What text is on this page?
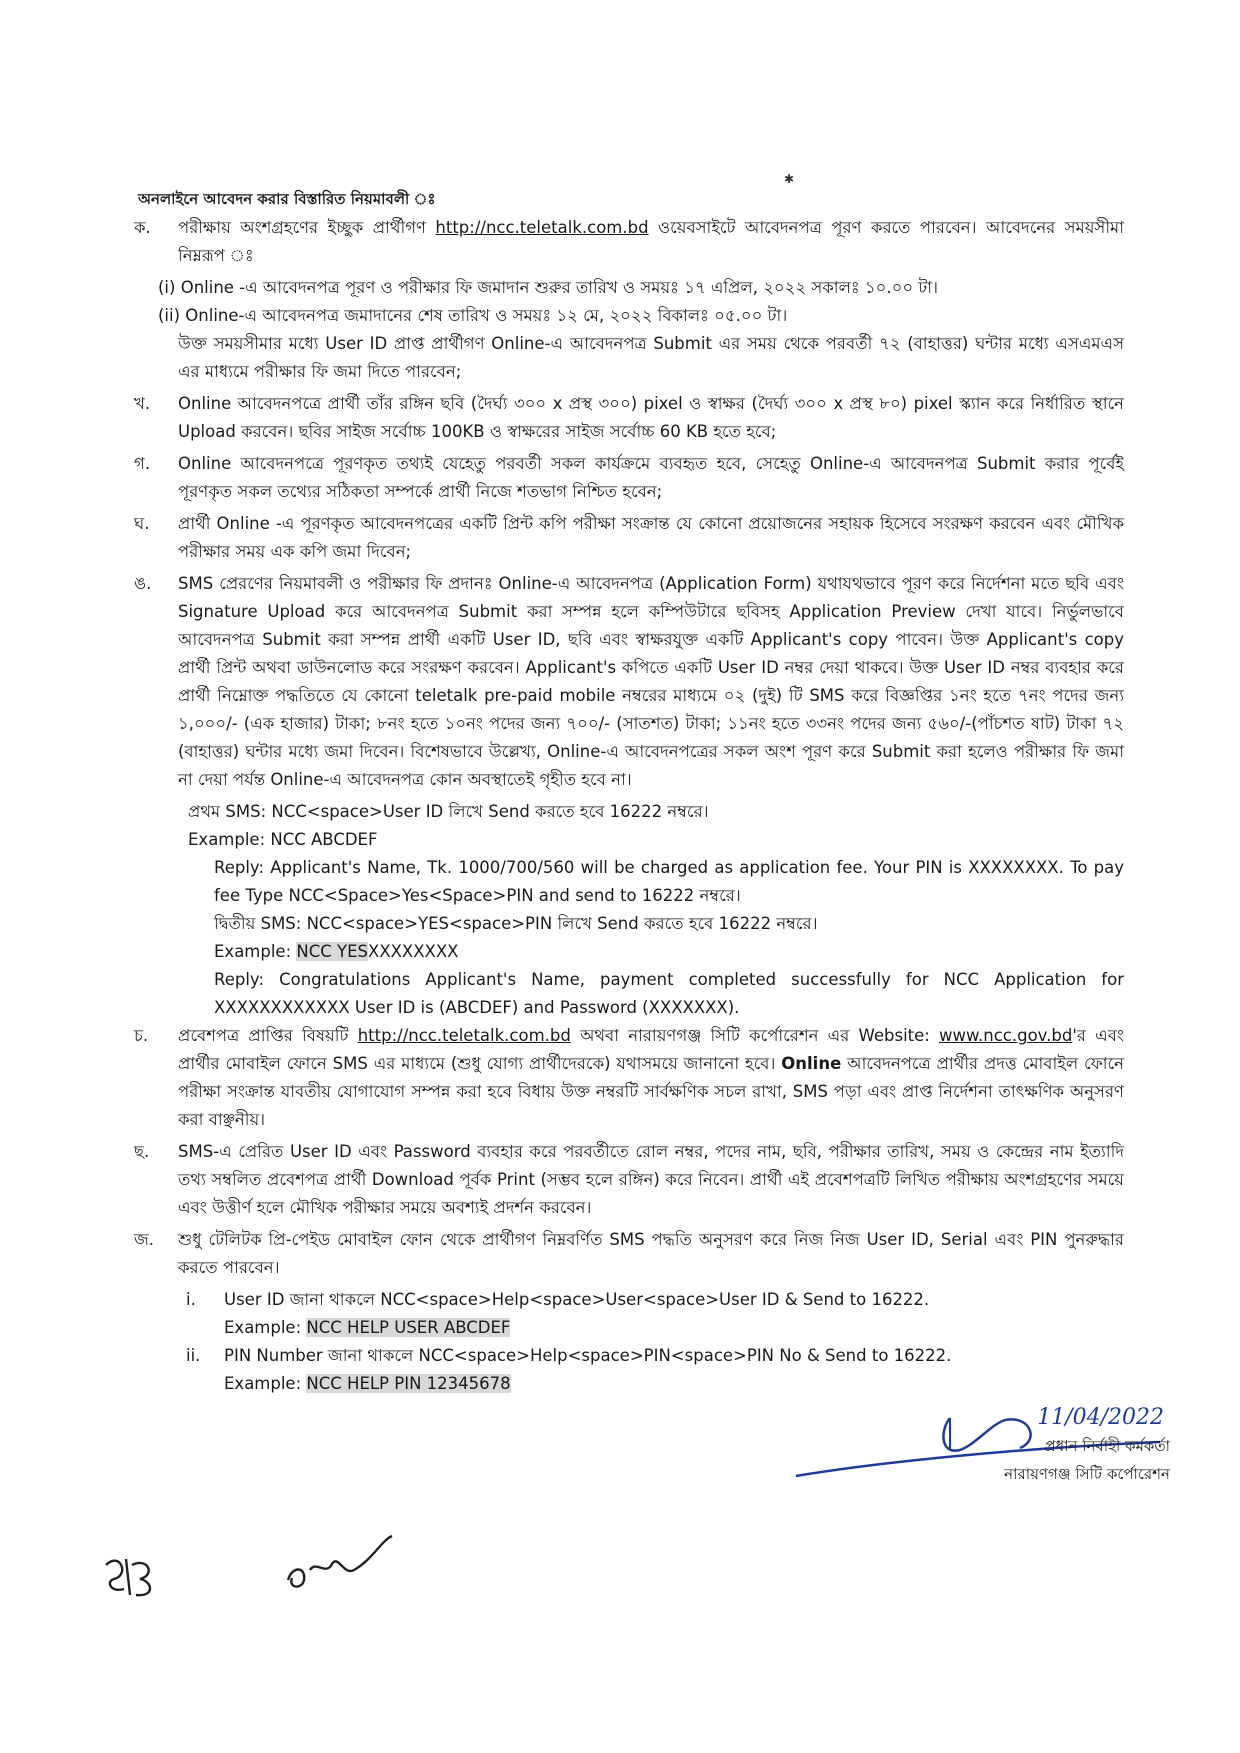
✱
অনলাইনে আবেদন করার বিস্তারিত নিয়মাবলী ঃ
ক.	পরীক্ষায় অংশগ্রহণের ইচ্ছুক প্রার্থীগণ http://ncc.teletalk.com.bd ওয়েবসাইটে আবেদনপত্র পূরণ করতে পারবেন। আবেদনের সময়সীমা নিম্নরূপ ঃ

(i) Online -এ আবেদনপত্র পূরণ ও পরীক্ষার ফি জমাদান শুরুর তারিখ ও সময়ঃ ১৭ এপ্রিল, ২০২২ সকালঃ ১০.০০ টা।

(ii) Online-এ আবেদনপত্র জমাদানের শেষ তারিখ ও সময়ঃ ১২ মে, ২০২২ বিকালঃ ০৫.০০ টা।

উক্ত সময়সীমার মধ্যে User ID প্রাপ্ত প্রার্থীগণ Online-এ আবেদনপত্র Submit এর সময় থেকে পরবর্তী ৭২ (বাহাত্তর) ঘন্টার মধ্যে এসএমএস এর মাধ্যমে পরীক্ষার ফি জমা দিতে পারবেন;
খ.	Online আবেদনপত্রে প্রার্থী তাঁর রঙ্গিন ছবি (দৈর্ঘ্য ৩০০ x প্রস্থ ৩০০) pixel ও স্বাক্ষর (দৈর্ঘ্য ৩০০ x প্রস্থ ৮০) pixel স্ক্যান করে নির্ধারিত স্থানে Upload করবেন। ছবির সাইজ সর্বোচ্চ 100KB ও স্বাক্ষরের সাইজ সর্বোচ্চ 60 KB হতে হবে;
গ.	Online আবেদনপত্রে পূরণকৃত তথ্যই যেহেতু পরবর্তী সকল কার্যক্রমে ব্যবহৃত হবে, সেহেতু Online-এ আবেদনপত্র Submit করার পূর্বেই পূরণকৃত সকল তথ্যের সঠিকতা সম্পর্কে প্রার্থী নিজে শতভাগ নিশ্চিত হবেন;
ঘ.	প্রার্থী Online -এ পূরণকৃত আবেদনপত্রের একটি প্রিন্ট কপি পরীক্ষা সংক্রান্ত যে কোনো প্রয়োজনের সহায়ক হিসেবে সংরক্ষণ করবেন এবং মৌখিক পরীক্ষার সময় এক কপি জমা দিবেন;
ঙ.	SMS প্রেরণের নিয়মাবলী ও পরীক্ষার ফি প্রদানঃ Online-এ আবেদনপত্র (Application Form) যথাযথভাবে পূরণ করে নির্দেশনা মতে ছবি এবং Signature Upload করে আবেদনপত্র Submit করা সম্পন্ন হলে কম্পিউটারে ছবিসহ Application Preview দেখা যাবে। নির্ভুলভাবে আবেদনপত্র Submit করা সম্পন্ন প্রার্থী একটি User ID, ছবি এবং স্বাক্ষরযুক্ত একটি Applicant's copy পাবেন। উক্ত Applicant's copy প্রার্থী প্রিন্ট অথবা ডাউনলোড করে সংরক্ষণ করবেন। Applicant's কপিতে একটি User ID নম্বর দেয়া থাকবে। উক্ত User ID নম্বর ব্যবহার করে প্রার্থী নিম্নোক্ত পদ্ধতিতে যে কোনো teletalk pre-paid mobile নম্বরের মাধ্যমে ০২ (দুই) টি SMS করে বিজ্ঞপ্তির ১নং হতে ৭নং পদের জন্য ১,০০০/- (এক হাজার) টাকা; ৮নং হতে ১০নং পদের জন্য ৭০০/- (সাতশত) টাকা; ১১নং হতে ৩৩নং পদের জন্য ৫৬০/-(পাঁচশত ষাট) টাকা ৭২ (বাহাত্তর) ঘন্টার মধ্যে জমা দিবেন। বিশেষভাবে উল্লেখ্য, Online-এ আবেদনপত্রের সকল অংশ পূরণ করে Submit করা হলেও পরীক্ষার ফি জমা না দেয়া পর্যন্ত Online-এ আবেদনপত্র কোন অবস্থাতেই গৃহীত হবে না।

প্রথম SMS: NCC<space>User ID লিখে Send করতে হবে 16222 নম্বরে।

Example: NCC ABCDEF

Reply: Applicant's Name, Tk. 1000/700/560 will be charged as application fee. Your PIN is XXXXXXXX. To pay fee Type NCC<Space>Yes<Space>PIN and send to 16222 নম্বরে।

দ্বিতীয় SMS: NCC<space>YES<space>PIN লিখে Send করতে হবে 16222 নম্বরে।

Example: NCC YESXXXXXXXX

Reply: Congratulations Applicant's Name, payment completed successfully for NCC Application for XXXXXXXXXXXX User ID is (ABCDEF) and Password (XXXXXXX).

চ.	প্রবেশপত্র প্রাপ্তির বিষয়টি http://ncc.teletalk.com.bd অথবা নারায়ণগঞ্জ সিটি কর্পোরেশন এর Website: www.ncc.gov.bd'র এবং প্রার্থীর মোবাইল ফোনে SMS এর মাধ্যমে (শুধু যোগ্য প্রার্থীদেরকে) যথাসময়ে জানানো হবে। Online আবেদনপত্রে প্রার্থীর প্রদত্ত মোবাইল ফোনে পরীক্ষা সংক্রান্ত যাবতীয় যোগাযোগ সম্পন্ন করা হবে বিধায় উক্ত নম্বরটি সার্বক্ষণিক সচল রাখা, SMS পড়া এবং প্রাপ্ত নির্দেশনা তাৎক্ষণিক অনুসরণ করা বাঞ্ছনীয়।
ছ.	SMS-এ প্রেরিত User ID এবং Password ব্যবহার করে পরবর্তীতে রোল নম্বর, পদের নাম, ছবি, পরীক্ষার তারিখ, সময় ও কেন্দ্রের নাম ইত্যাদি তথ্য সম্বলিত প্রবেশপত্র প্রার্থী Download পূর্বক Print (সম্ভব হলে রঙ্গিন) করে নিবেন। প্রার্থী এই প্রবেশপত্রটি লিখিত পরীক্ষায় অংশগ্রহণের সময়ে এবং উত্তীর্ণ হলে মৌখিক পরীক্ষার সময়ে অবশ্যই প্রদর্শন করবেন।
জ.	শুধু টেলিটক প্রি-পেইড মোবাইল ফোন থেকে প্রার্থীগণ নিম্নবর্ণিত SMS পদ্ধতি অনুসরণ করে নিজ নিজ User ID, Serial এবং PIN পুনরুদ্ধার করতে পারবেন।
i.	User ID জানা থাকলে NCC<space>Help<space>User<space>User ID & Send to 16222.
Example: NCC HELP USER ABCDEF
ii.	PIN Number জানা থাকলে NCC<space>Help<space>PIN<space>PIN No & Send to 16222.
Example: NCC HELP PIN 12345678
11/04/2022
প্রধান নির্বাহী কর্মকর্তা
নারায়ণগঞ্জ সিটি কর্পোরেশন
